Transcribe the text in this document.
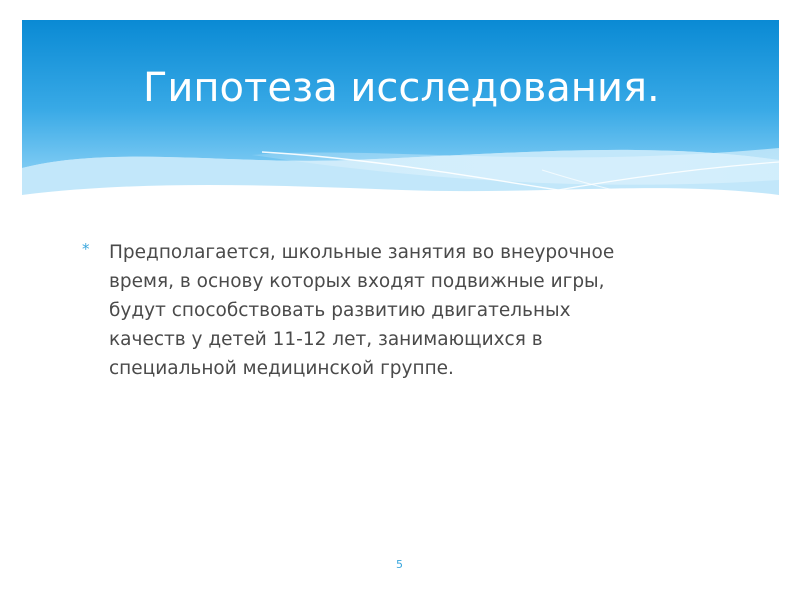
Гипотеза исследования.
* Предполагается, школьные занятия во внеурочное
время, в основу которых входят подвижные игры,
будут способствовать развитию двигательных
качеств у детей 11-12 лет, занимающихся в
специальной медицинской группе.

5
